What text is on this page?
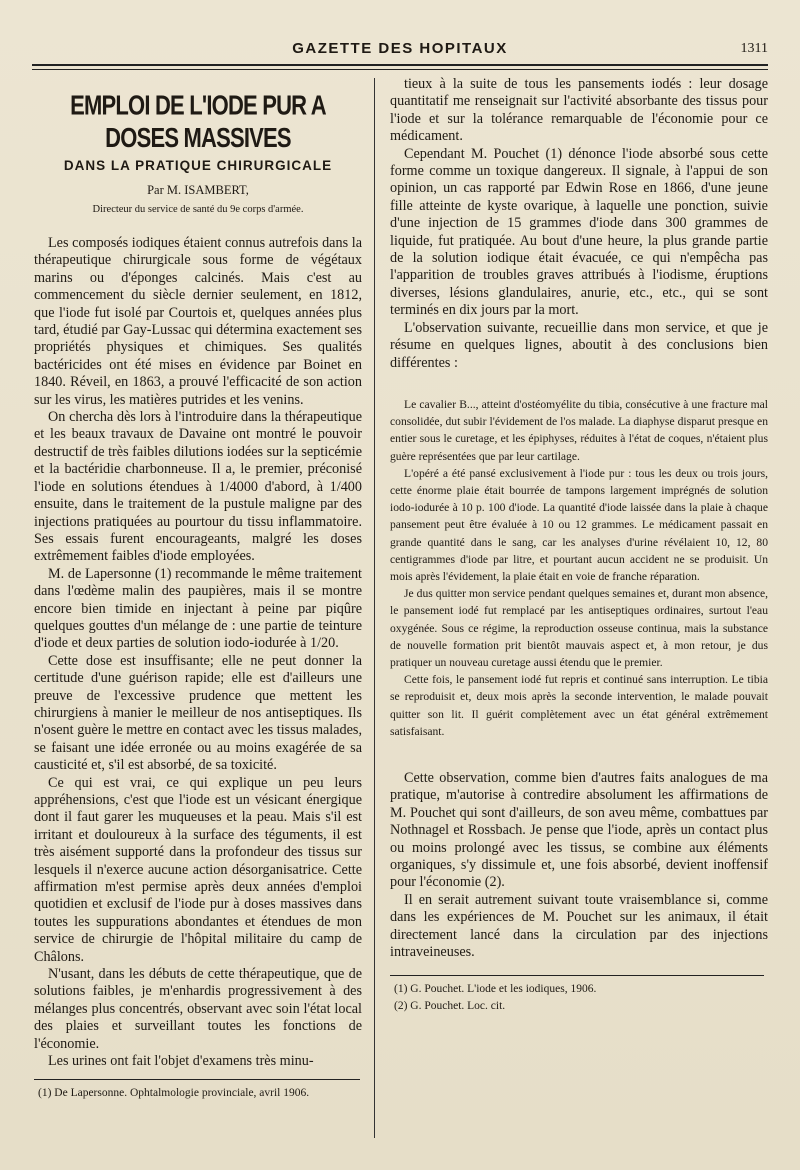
GAZETTE DES HOPITAUX	1311
EMPLOI DE L'IODE PUR A DOSES MASSIVES
DANS LA PRATIQUE CHIRURGICALE
Par M. ISAMBERT,
Directeur du service de santé du 9e corps d'armée.

Les composés iodiques étaient connus autrefois dans la thérapeutique chirurgicale sous forme de végétaux marins ou d'éponges calcinés. Mais c'est au commencement du siècle dernier seulement, en 1812, que l'iode fut isolé par Courtois et, quelques années plus tard, étudié par Gay-Lussac qui détermina exactement ses propriétés physiques et chimiques. Ses qualités bactéricides ont été mises en évidence par Boinet en 1840. Réveil, en 1863, a prouvé l'efficacité de son action sur les virus, les matières putrides et les venins.

On chercha dès lors à l'introduire dans la thérapeutique et les beaux travaux de Davaine ont montré le pouvoir destructif de très faibles dilutions iodées sur la septicémie et la bactéridie charbonneuse. Il a, le premier, préconisé l'iode en solutions étendues à 1/4000 d'abord, à 1/400 ensuite, dans le traitement de la pustule maligne par des injections pratiquées au pourtour du tissu inflammatoire. Ses essais furent encourageants, malgré les doses extrêmement faibles d'iode employées.

M. de Lapersonne (1) recommande le même traitement dans l'œdème malin des paupières, mais il se montre encore bien timide en injectant à peine par piqûre quelques gouttes d'un mélange de : une partie de teinture d'iode et deux parties de solution iodo-iodurée à 1/20.

Cette dose est insuffisante; elle ne peut donner la certitude d'une guérison rapide; elle est d'ailleurs une preuve de l'excessive prudence que mettent les chirurgiens à manier le meilleur de nos antiseptiques. Ils n'osent guère le mettre en contact avec les tissus malades, se faisant une idée erronée ou au moins exagérée de sa causticité et, s'il est absorbé, de sa toxicité.

Ce qui est vrai, ce qui explique un peu leurs appréhensions, c'est que l'iode est un vésicant énergique dont il faut garer les muqueuses et la peau. Mais s'il est irritant et douloureux à la surface des téguments, il est très aisément supporté dans la profondeur des tissus sur lesquels il n'exerce aucune action désorganisatrice. Cette affirmation m'est permise après deux années d'emploi quotidien et exclusif de l'iode pur à doses massives dans toutes les suppurations abondantes et étendues de mon service de chirurgie de l'hôpital militaire du camp de Châlons.

N'usant, dans les débuts de cette thérapeutique, que de solutions faibles, je m'enhardis progressivement à des mélanges plus concentrés, observant avec soin l'état local des plaies et surveillant toutes les fonctions de l'économie.

Les urines ont fait l'objet d'examens très minu-

(1) De Lapersonne. Ophtalmologie provinciale, avril 1906.

tieux à la suite de tous les pansements iodés : leur dosage quantitatif me renseignait sur l'activité absorbante des tissus pour l'iode et sur la tolérance remarquable de l'économie pour ce médicament.

Cependant M. Pouchet (1) dénonce l'iode absorbé sous cette forme comme un toxique dangereux. Il signale, à l'appui de son opinion, un cas rapporté par Edwin Rose en 1866, d'une jeune fille atteinte de kyste ovarique, à laquelle une ponction, suivie d'une injection de 15 grammes d'iode dans 300 grammes de liquide, fut pratiquée. Au bout d'une heure, la plus grande partie de la solution iodique était évacuée, ce qui n'empêcha pas l'apparition de troubles graves attribués à l'iodisme, éruptions diverses, lésions glandulaires, anurie, etc., etc., qui se sont terminés en dix jours par la mort.

L'observation suivante, recueillie dans mon service, et que je résume en quelques lignes, aboutit à des conclusions bien différentes :

Le cavalier B..., atteint d'ostéomyélite du tibia, consécutive à une fracture mal consolidée, dut subir l'évidement de l'os malade. La diaphyse disparut presque en entier sous le curetage, et les épiphyses, réduites à l'état de coques, n'étaient plus guère représentées que par leur cartilage.

L'opéré a été pansé exclusivement à l'iode pur : tous les deux ou trois jours, cette énorme plaie était bourrée de tampons largement imprégnés de solution iodo-iodurée à 10 p. 100 d'iode. La quantité d'iode laissée dans la plaie à chaque pansement peut être évaluée à 10 ou 12 grammes. Le médicament passait en grande quantité dans le sang, car les analyses d'urine révélaient 10, 12, 80 centigrammes d'iode par litre, et pourtant aucun accident ne se produisit. Un mois après l'évidement, la plaie était en voie de franche réparation.

Je dus quitter mon service pendant quelques semaines et, durant mon absence, le pansement iodé fut remplacé par les antiseptiques ordinaires, surtout l'eau oxygénée. Sous ce régime, la reproduction osseuse continua, mais la substance de nouvelle formation prit bientôt mauvais aspect et, à mon retour, je dus pratiquer un nouveau curetage aussi étendu que le premier.

Cette fois, le pansement iodé fut repris et continué sans interruption. Le tibia se reproduisit et, deux mois après la seconde intervention, le malade pouvait quitter son lit. Il guérit complètement avec un état général extrêmement satisfaisant.

Cette observation, comme bien d'autres faits analogues de ma pratique, m'autorise à contredire absolument les affirmations de M. Pouchet qui sont d'ailleurs, de son aveu même, combattues par Nothnagel et Rossbach. Je pense que l'iode, après un contact plus ou moins prolongé avec les tissus, se combine aux éléments organiques, s'y dissimule et, une fois absorbé, devient inoffensif pour l'économie (2).

Il en serait autrement suivant toute vraisemblance si, comme dans les expériences de M. Pouchet sur les animaux, il était directement lancé dans la circulation par des injections intraveineuses.

(1) G. Pouchet. L'iode et les iodiques, 1906.
(2) G. Pouchet. Loc. cit.
